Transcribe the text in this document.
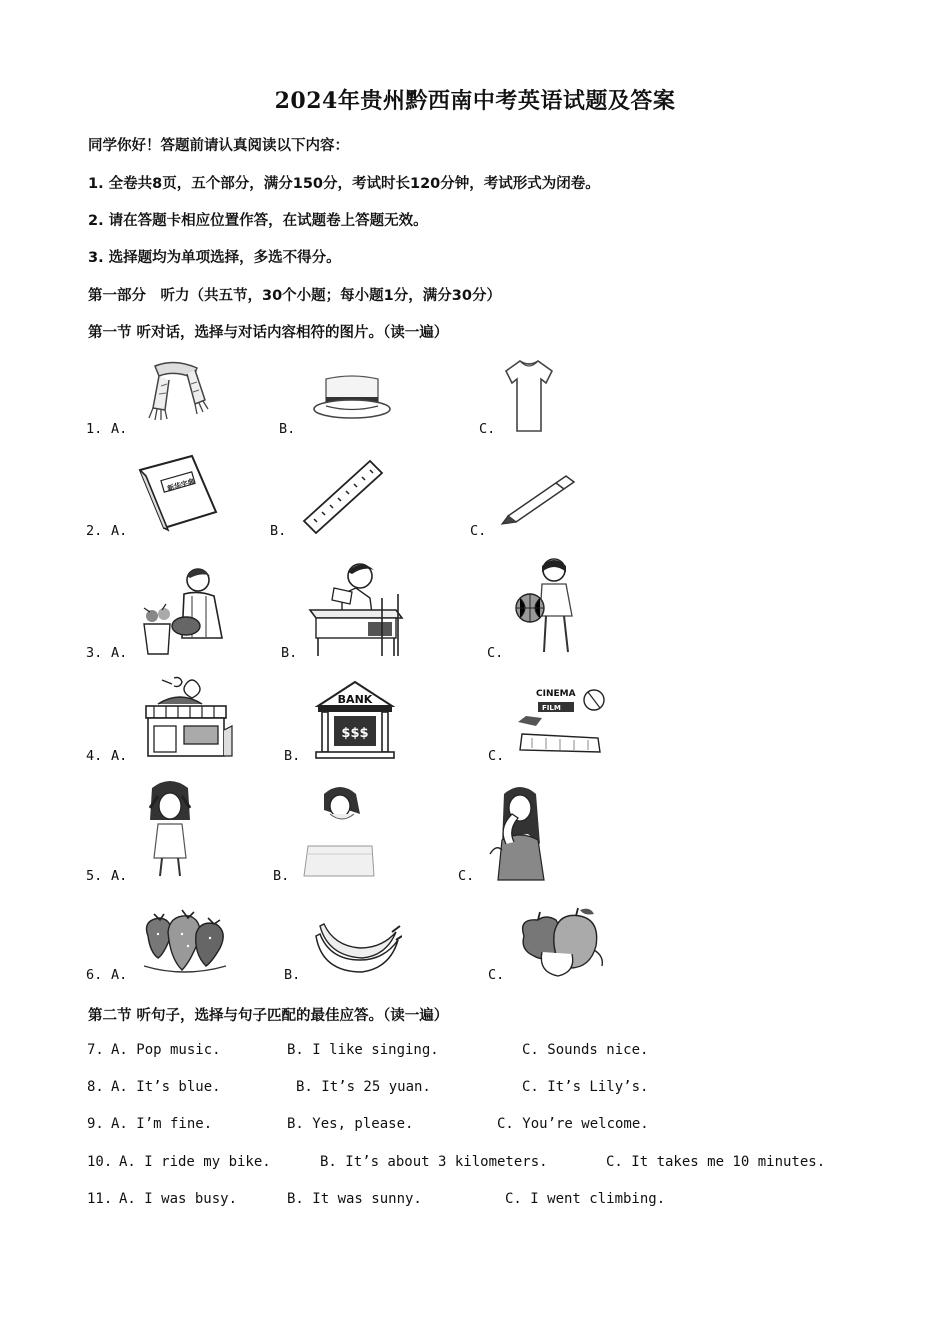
2024年贵州黔西南中考英语试题及答案
同学你好！答题前请认真阅读以下内容：
1. 全卷共8页，五个部分，满分150分，考试时长120分钟，考试形式为闭卷。
2. 请在答题卡相应位置作答，在试题卷上答题无效。
3. 选择题均为单项选择，多选不得分。
第一部分　听力（共五节，30个小题；每小题1分，满分30分）
第一节 听对话，选择与对话内容相符的图片。（读一遍）
1. A.	B.	C.
2. A.
新华字典
B.	C.
3. A.	B.	C.
4. A.	B.
BANK
$$$
C.
CINEMA
FILM
5. A.	B.	C.
6. A.	B.	C.
第二节 听句子，选择与句子匹配的最佳应答。（读一遍）
7. A. Pop music.	B. I like singing.	C. Sounds nice.
8. A. It’s blue.	B. It’s 25 yuan.	C. It’s Lily’s.
9. A. I’m fine.	B. Yes, please.	C. You’re welcome.
10. A. I ride my bike.	B. It’s about 3 kilometers.	C. It takes me 10 minutes.
11. A. I was busy.	B. It was sunny.	C. I went climbing.
